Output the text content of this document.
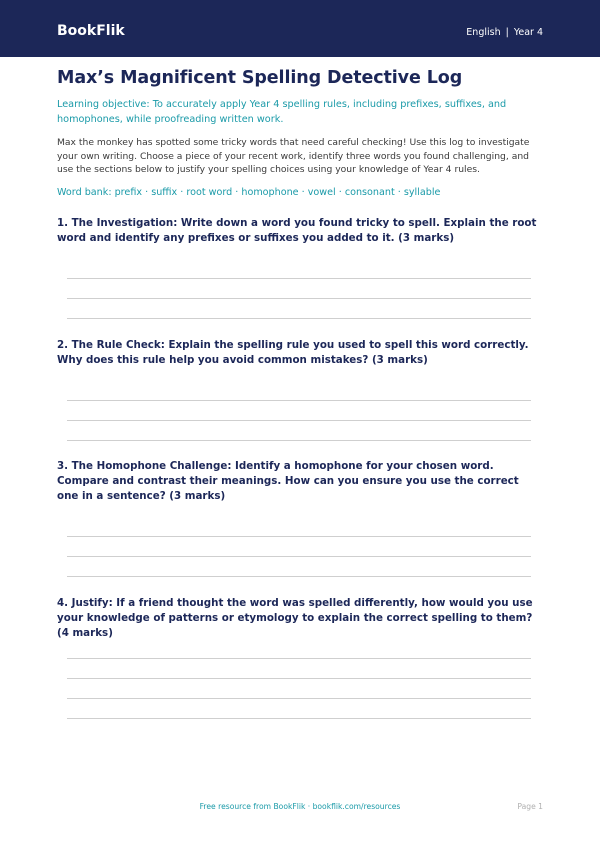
BookFlik	English | Year 4
Max’s Magnificent Spelling Detective Log
Learning objective: To accurately apply Year 4 spelling rules, including prefixes, suffixes, and homophones, while proofreading written work.
Max the monkey has spotted some tricky words that need careful checking! Use this log to investigate your own writing. Choose a piece of your recent work, identify three words you found challenging, and use the sections below to justify your spelling choices using your knowledge of Year 4 rules.
Word bank: prefix · suffix · root word · homophone · vowel · consonant · syllable
1. The Investigation: Write down a word you found tricky to spell. Explain the root word and identify any prefixes or suffixes you added to it. (3 marks)
2. The Rule Check: Explain the spelling rule you used to spell this word correctly. Why does this rule help you avoid common mistakes? (3 marks)
3. The Homophone Challenge: Identify a homophone for your chosen word. Compare and contrast their meanings. How can you ensure you use the correct one in a sentence? (3 marks)
4. Justify: If a friend thought the word was spelled differently, how would you use your knowledge of patterns or etymology to explain the correct spelling to them? (4 marks)
Free resource from BookFlik · bookflik.com/resources	Page 1
